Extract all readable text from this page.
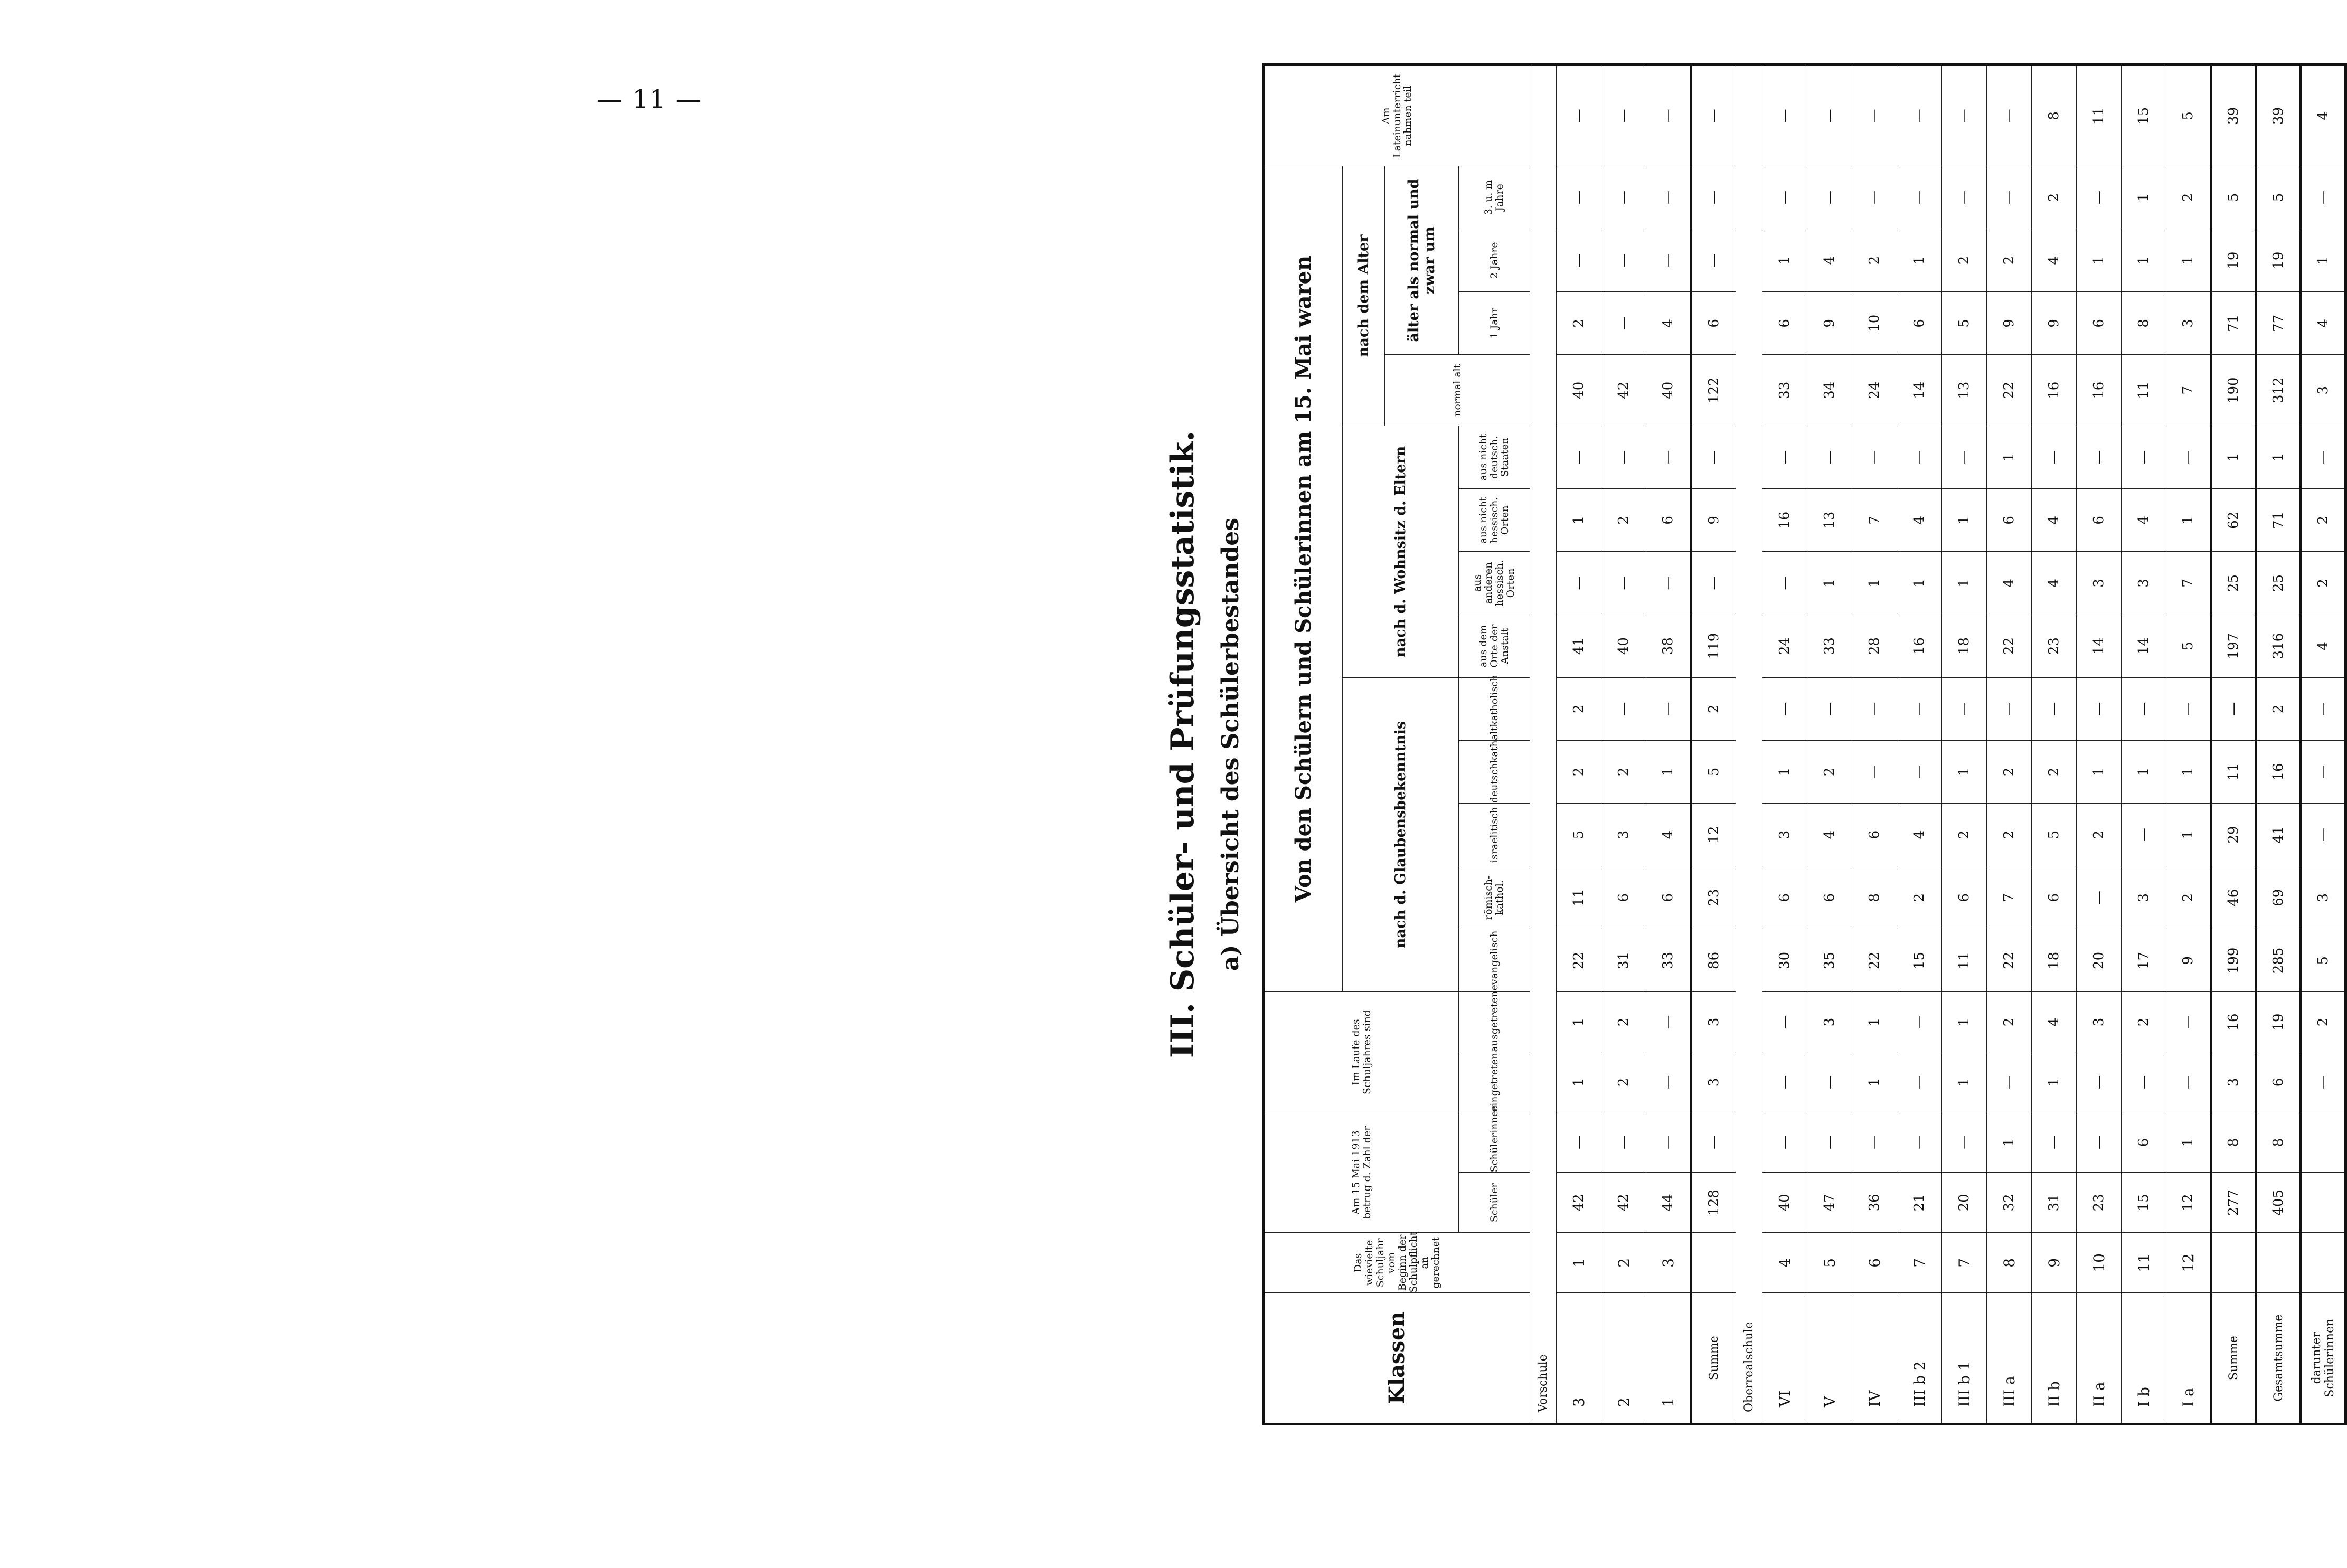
— 11 —
III. Schüler- und Prüfungsstatistik. a) Übersicht des Schülerbestandes
Klassen	Das wievielte Schuljahr vom Beginn der Schulpflicht an gerechnet	Am 15 Mai 1913 betrug d. Zahl der		Im Laufe des Schuljahres sind		Von den Schülern und Schülerinnen am 15. Mai waren													Am Lateinunterricht nahmen teil
						nach d. Glaubensbekenntnis					nach d. Wohnsitz d. Eltern				nach dem Alter				
															normal alt	älter als normal und zwar um			
		Schüler	Schülerinnen	eingetreten	ausgetreten	evangelisch	römisch-kathol.	israelitisch	deutschkath.	altkatholisch	aus dem Orte der Anstalt	aus anderen hessisch. Orten	aus nicht hessisch. Orten	aus nicht deutsch. Staaten		1 Jahr	2 Jahre	3. u. m Jahre	
Vorschule																			
3	1	42	—	1	1	22	11	5	2	2	41	—	1	—	40	2	—	—	—
2	2	42	—	2	2	31	6	3	2	—	40	—	2	—	42	—	—	—	—
1	3	44	—	—	—	33	6	4	1	—	38	—	6	—	40	4	—	—	—
Summe		128	—	3	3	86	23	12	5	2	119	—	9	—	122	6	—	—	—
Oberrealschule																			
VI	4	40	—	—	—	30	6	3	1	—	24	—	16	—	33	6	1	—	—
V	5	47	—	—	3	35	6	4	2	—	33	1	13	—	34	9	4	—	—
IV	6	36	—	1	1	22	8	6	—	—	28	1	7	—	24	10	2	—	—
III b 2	7	21	—	—	—	15	2	4	—	—	16	1	4	—	14	6	1	—	—
III b 1	7	20	—	1	1	11	6	2	1	—	18	1	1	—	13	5	2	—	—
III a	8	32	1	—	2	22	7	2	2	—	22	4	6	1	22	9	2	—	—
II b	9	31	—	1	4	18	6	5	2	—	23	4	4	—	16	9	4	2	8
II a	10	23	—	—	3	20	—	2	1	—	14	3	6	—	16	6	1	—	11
I b	11	15	6	—	2	17	3	—	1	—	14	3	4	—	11	8	1	1	15
I a	12	12	1	—	—	9	2	1	1	—	5	7	1	—	7	3	1	2	5
Summe		277	8	3	16	199	46	29	11	—	197	25	62	1	190	71	19	5	39
Gesamtsumme		405	8	6	19	285	69	41	16	2	316	25	71	1	312	77	19	5	39
darunter Schülerinnen				—	2	5	3	—	—	—	4	2	2	—	3	4	1	—	4
